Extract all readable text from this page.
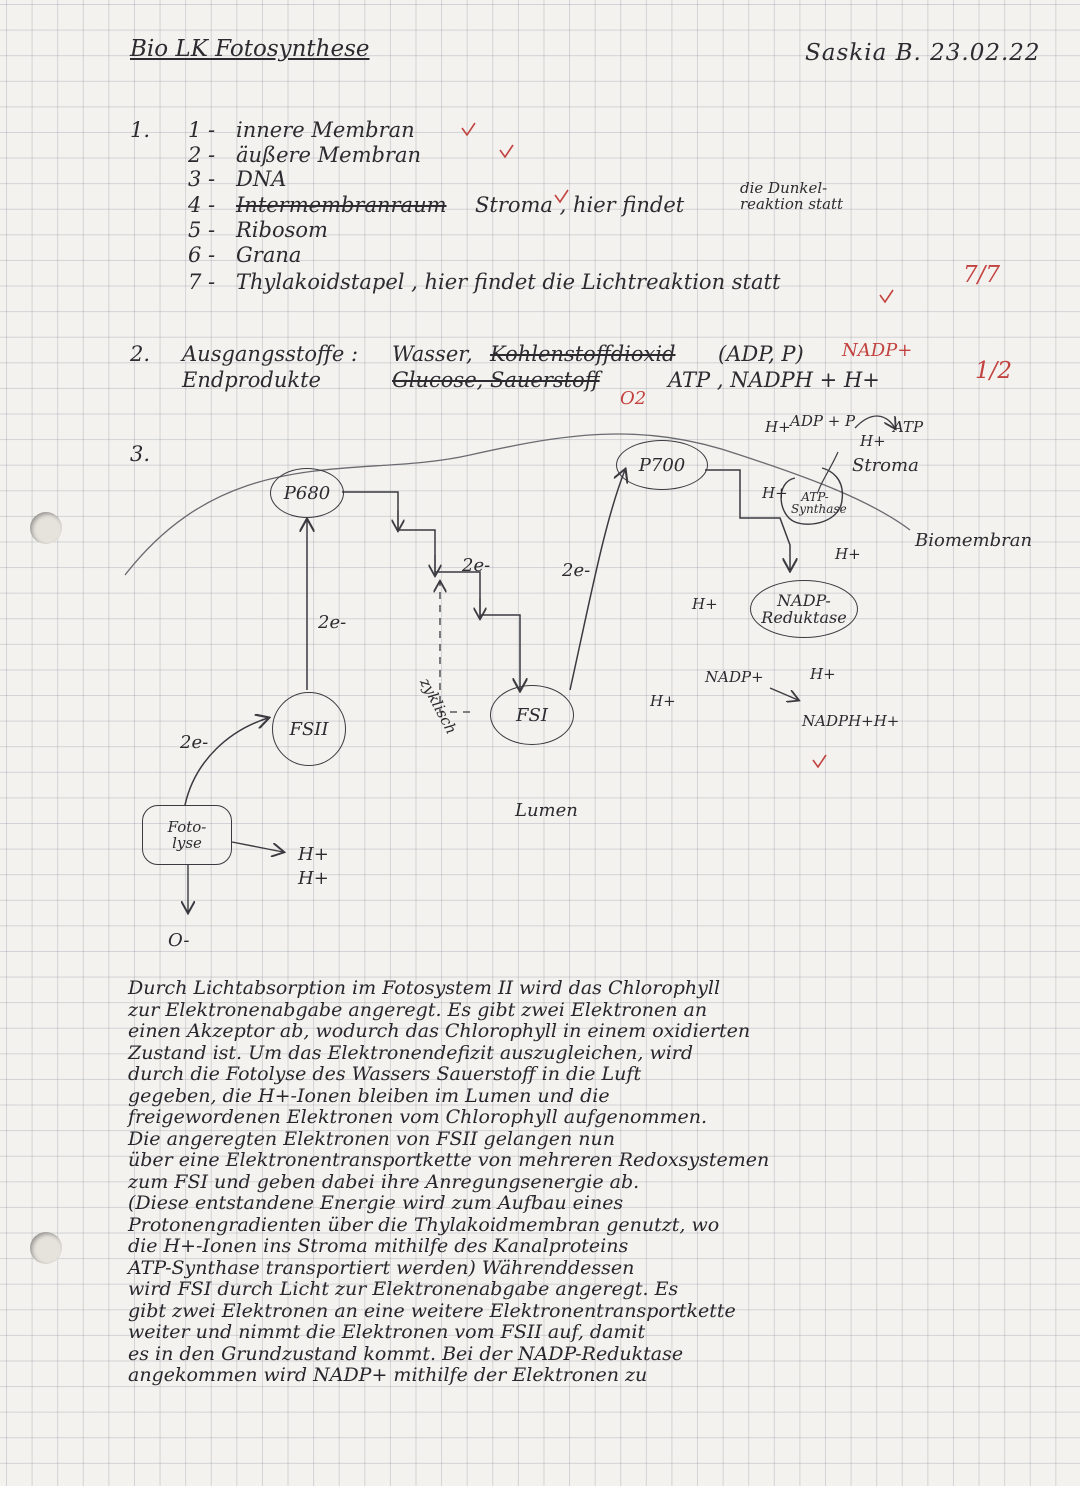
Bio LK Fotosynthese	Saskia B. 23.02.22
1. 1 - innere Membran
2 - äußere Membran
3 - DNA
4 - Intermembranraum Stroma , hier findet
die Dunkel- reaktion statt
5 - Ribosom
6 - Grana
7 - Thylakoidstapel , hier findet die Lichtreaktion statt	7/7
2. Ausgangsstoffe : Wasser, Kohlenstoffdioxid (ADP, P) NADP+
Endprodukte	Glucose, Sauerstoff	ATP , NADPH + H+
O2
1/2
3.
P680
P700
FSII
FSI
Foto- lyse
ATP- Synthase
NADP- Reduktase
Stroma
Biomembran
Lumen
zyklisch
2e-
2e-	2e-
2e-
ADP + P	ATP
H+
H+
H+
H+
H+
H+
H+
NADP+
NADPH+H+
H+
H+
O-
Durch Lichtabsorption im Fotosystem II wird das Chlorophyll
zur Elektronenabgabe angeregt. Es gibt zwei Elektronen an
einen Akzeptor ab, wodurch das Chlorophyll in einem oxidierten
Zustand ist. Um das Elektronendefizit auszugleichen, wird
durch die Fotolyse des Wassers Sauerstoff in die Luft
gegeben, die H+-Ionen bleiben im Lumen und die
freigewordenen Elektronen vom Chlorophyll aufgenommen.
Die angeregten Elektronen von FSII gelangen nun
über eine Elektronentransportkette von mehreren Redoxsystemen
zum FSI und geben dabei ihre Anregungsenergie ab.
(Diese entstandene Energie wird zum Aufbau eines
Protonengradienten über die Thylakoidmembran genutzt, wo
die H+-Ionen ins Stroma mithilfe des Kanalproteins
ATP-Synthase transportiert werden) Währenddessen
wird FSI durch Licht zur Elektronenabgabe angeregt. Es
gibt zwei Elektronen an eine weitere Elektronentransportkette
weiter und nimmt die Elektronen vom FSII auf, damit
es in den Grundzustand kommt. Bei der NADP-Reduktase
angekommen wird NADP+ mithilfe der Elektronen zu
